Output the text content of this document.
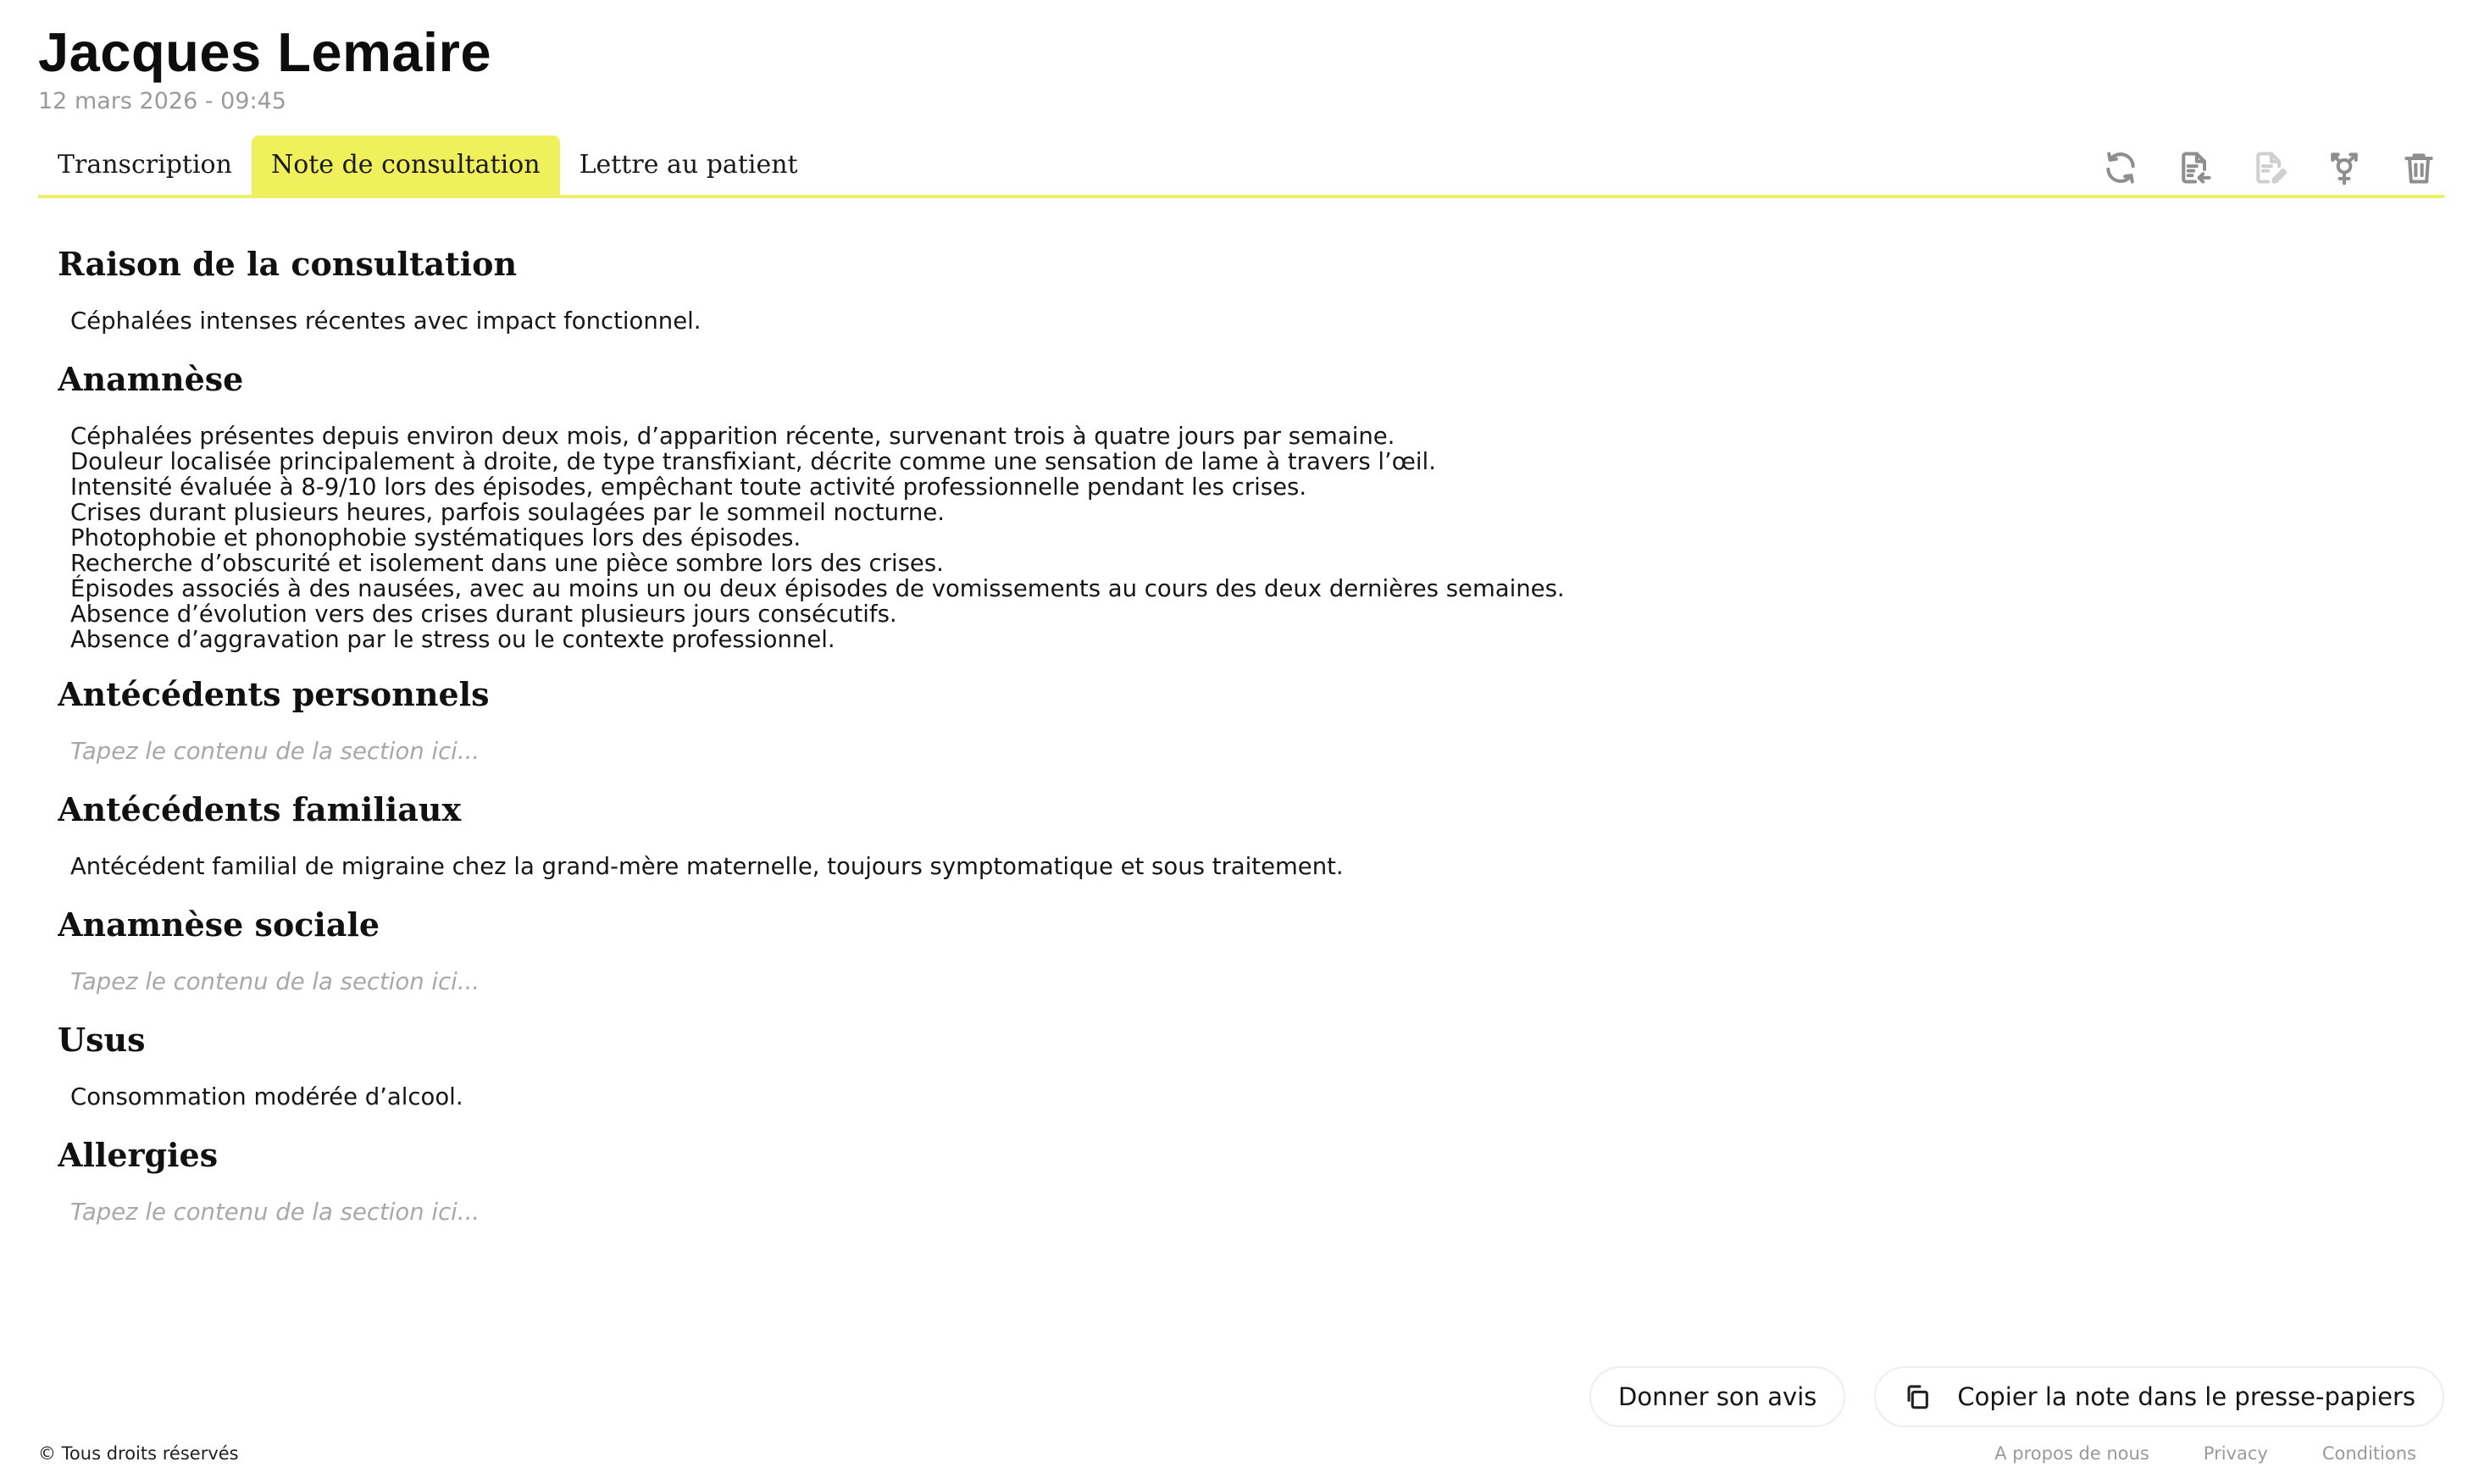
Jacques Lemaire
12 mars 2026 - 09:45
Transcription	Note de consultation	Lettre au patient
Raison de la consultation
Céphalées intenses récentes avec impact fonctionnel.
Anamnèse
Céphalées présentes depuis environ deux mois, d’apparition récente, survenant trois à quatre jours par semaine.
Douleur localisée principalement à droite, de type transfixiant, décrite comme une sensation de lame à travers l’œil.
Intensité évaluée à 8-9/10 lors des épisodes, empêchant toute activité professionnelle pendant les crises.
Crises durant plusieurs heures, parfois soulagées par le sommeil nocturne.
Photophobie et phonophobie systématiques lors des épisodes.
Recherche d’obscurité et isolement dans une pièce sombre lors des crises.
Épisodes associés à des nausées, avec au moins un ou deux épisodes de vomissements au cours des deux dernières semaines.
Absence d’évolution vers des crises durant plusieurs jours consécutifs.
Absence d’aggravation par le stress ou le contexte professionnel.
Antécédents personnels
Tapez le contenu de la section ici...
Antécédents familiaux
Antécédent familial de migraine chez la grand-mère maternelle, toujours symptomatique et sous traitement.
Anamnèse sociale
Tapez le contenu de la section ici...
Usus
Consommation modérée d’alcool.
Allergies
Tapez le contenu de la section ici...
Donner son avis	Copier la note dans le presse-papiers
© Tous droits réservés	A propos de nous	Privacy	Conditions
